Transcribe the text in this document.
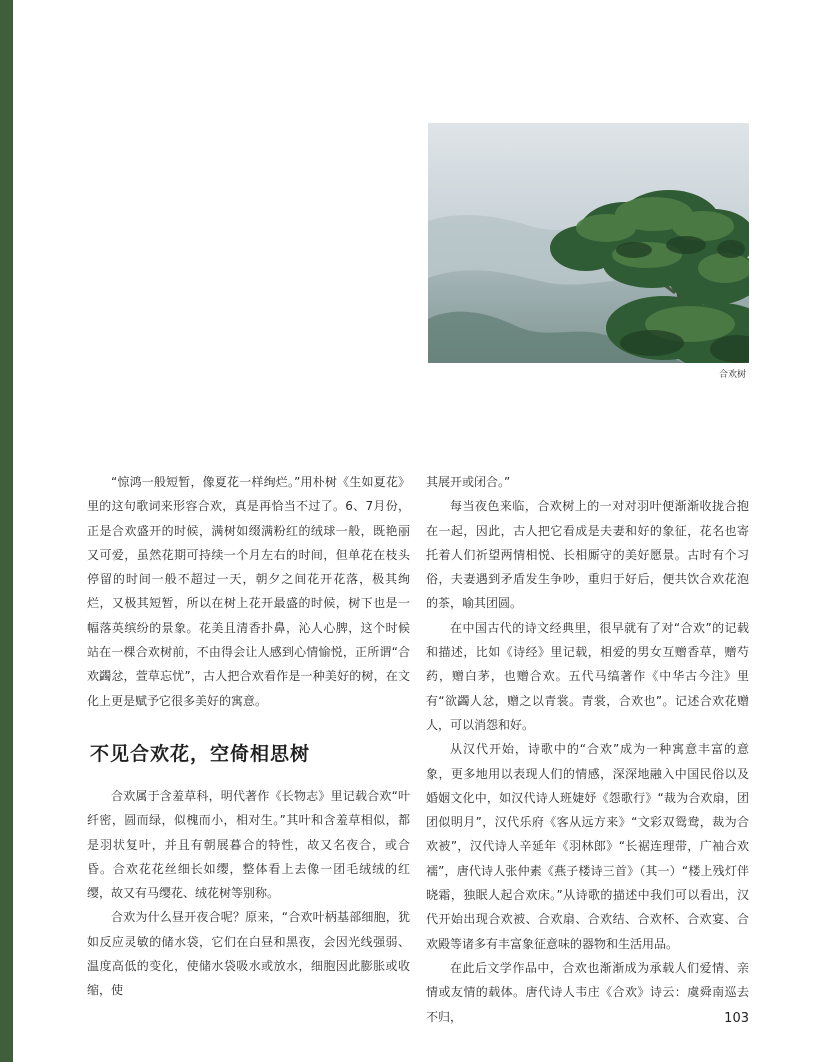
合欢树

“惊鸿一般短暂，像夏花一样绚烂。”用朴树《生如夏花》里的这句歌词来形容合欢，真是再恰当不过了。6、7月份，正是合欢盛开的时候，满树如缀满粉红的绒球一般，既艳丽又可爱，虽然花期可持续一个月左右的时间，但单花在枝头停留的时间一般不超过一天，朝夕之间花开花落，极其绚烂，又极其短暂，所以在树上花开最盛的时候，树下也是一幅落英缤纷的景象。花美且清香扑鼻，沁人心脾，这个时候站在一棵合欢树前，不由得会让人感到心情愉悦，正所谓“合欢蠲忿，萱草忘忧”，古人把合欢看作是一种美好的树，在文化上更是赋予它很多美好的寓意。

不见合欢花，空倚相思树

合欢属于含羞草科，明代著作《长物志》里记载合欢“叶纤密，圆而绿，似槐而小，相对生。”其叶和含羞草相似，都是羽状复叶，并且有朝展暮合的特性，故又名夜合，或合昏。合欢花花丝细长如缨，整体看上去像一团毛绒绒的红缨，故又有马缨花、绒花树等别称。

合欢为什么昼开夜合呢？原来，“合欢叶柄基部细胞，犹如反应灵敏的储水袋，它们在白昼和黑夜，会因光线强弱、温度高低的变化，使储水袋吸水或放水，细胞因此膨胀或收缩，使

其展开或闭合。”

每当夜色来临，合欢树上的一对对羽叶便渐渐收拢合抱在一起，因此，古人把它看成是夫妻和好的象征，花名也寄托着人们祈望两情相悦、长相厮守的美好愿景。古时有个习俗，夫妻遇到矛盾发生争吵，重归于好后，便共饮合欢花泡的茶，喻其团圆。

在中国古代的诗文经典里，很早就有了对“合欢”的记载和描述，比如《诗经》里记载，相爱的男女互赠香草，赠芍药，赠白茅，也赠合欢。五代马缟著作《中华古今注》里有“欲蠲人忿，赠之以青裳。青裳，合欢也”。记述合欢花赠人，可以消怨和好。

从汉代开始，诗歌中的“合欢”成为一种寓意丰富的意象，更多地用以表现人们的情感，深深地融入中国民俗以及婚姻文化中，如汉代诗人班婕妤《怨歌行》“裁为合欢扇，团团似明月”，汉代乐府《客从远方来》“文彩双鸳鸯，裁为合欢被”，汉代诗人辛延年《羽林郎》“长裾连理带，广袖合欢襦”，唐代诗人张仲素《燕子楼诗三首》（其一）“楼上残灯伴晓霜，独眠人起合欢床。”从诗歌的描述中我们可以看出，汉代开始出现合欢被、合欢扇、合欢结、合欢杯、合欢宴、合欢殿等诸多有丰富象征意味的器物和生活用品。

在此后文学作品中，合欢也渐渐成为承载人们爱情、亲情或友情的载体。唐代诗人韦庄《合欢》诗云：虞舜南巡去不归，	103
